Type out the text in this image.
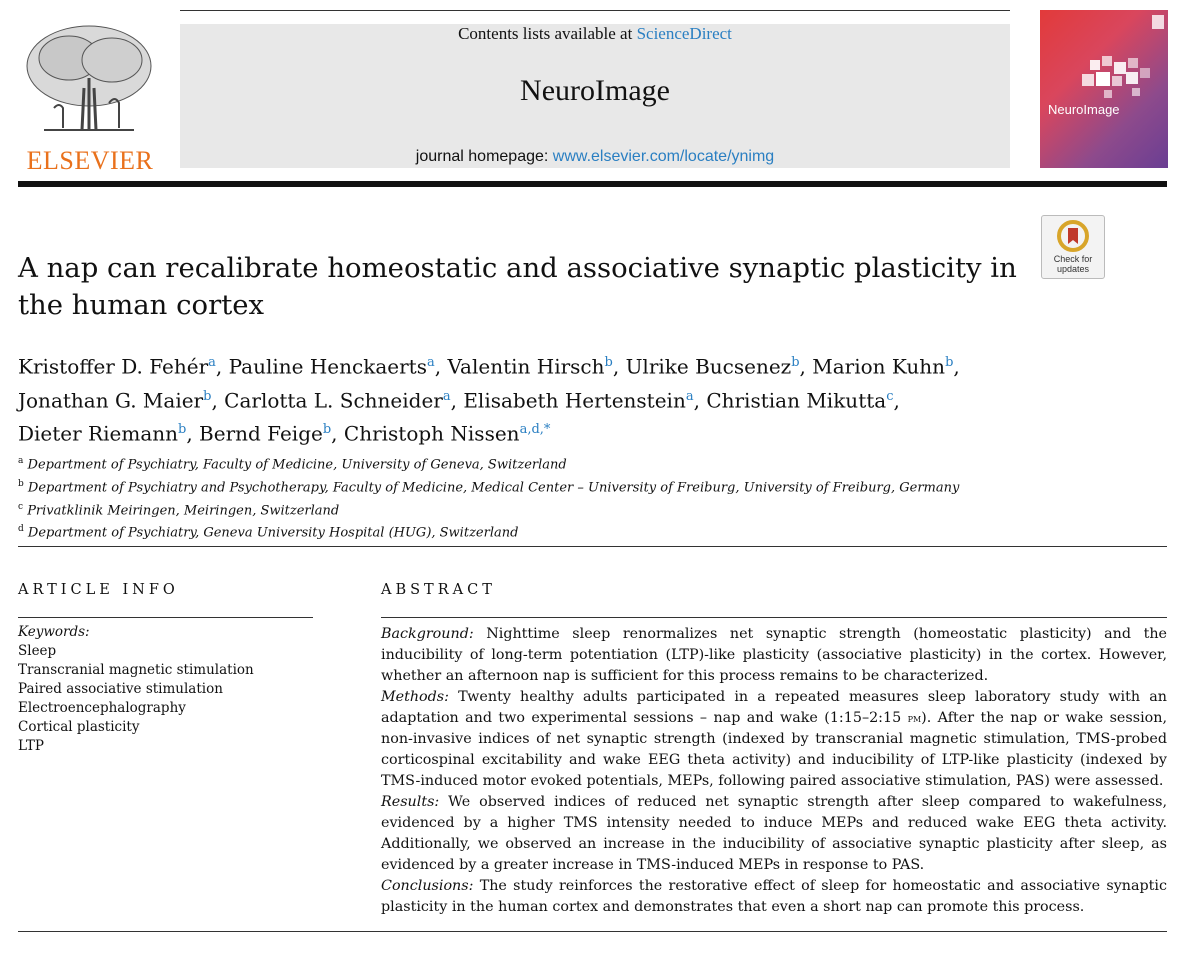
ELSEVIER
Contents lists available at ScienceDirect
NeuroImage
journal homepage: www.elsevier.com/locate/ynimg
NeuroImage
Check for updates
A nap can recalibrate homeostatic and associative synaptic plasticity in the human cortex
Kristoffer D. Fehér$^a$, Pauline Henckaerts$^a$, Valentin Hirsch$^b$, Ulrike Bucsenez$^b$, Marion Kuhn$^b$,
Jonathan G. Maier$^b$, Carlotta L. Schneider$^a$, Elisabeth Hertenstein$^a$, Christian Mikutta$^c$,
Dieter Riemann$^b$, Bernd Feige$^b$, Christoph Nissen$^{a,d,*}$
$^a$ Department of Psychiatry, Faculty of Medicine, University of Geneva, Switzerland
$^b$ Department of Psychiatry and Psychotherapy, Faculty of Medicine, Medical Center – University of Freiburg, University of Freiburg, Germany
$^c$ Privatklinik Meiringen, Meiringen, Switzerland
$^d$ Department of Psychiatry, Geneva University Hospital (HUG), Switzerland
ARTICLE INFO
Keywords:
Sleep
Transcranial magnetic stimulation
Paired associative stimulation
Electroencephalography
Cortical plasticity
LTP
ABSTRACT

Background: Nighttime sleep renormalizes net synaptic strength (homeostatic plasticity) and the inducibility of long-term potentiation (LTP)-like plasticity (associative plasticity) in the cortex. However, whether an afternoon nap is sufficient for this process remains to be characterized.

Methods: Twenty healthy adults participated in a repeated measures sleep laboratory study with an adaptation and two experimental sessions – nap and wake (1:15–2:15 pm). After the nap or wake session, non-invasive indices of net synaptic strength (indexed by transcranial magnetic stimulation, TMS-probed corticospinal excitability and wake EEG theta activity) and inducibility of LTP-like plasticity (indexed by TMS-induced motor evoked potentials, MEPs, following paired associative stimulation, PAS) were assessed.

Results: We observed indices of reduced net synaptic strength after sleep compared to wakefulness, evidenced by a higher TMS intensity needed to induce MEPs and reduced wake EEG theta activity. Additionally, we observed an increase in the inducibility of associative synaptic plasticity after sleep, as evidenced by a greater increase in TMS-induced MEPs in response to PAS.

Conclusions: The study reinforces the restorative effect of sleep for homeostatic and associative synaptic plasticity in the human cortex and demonstrates that even a short nap can promote this process.
